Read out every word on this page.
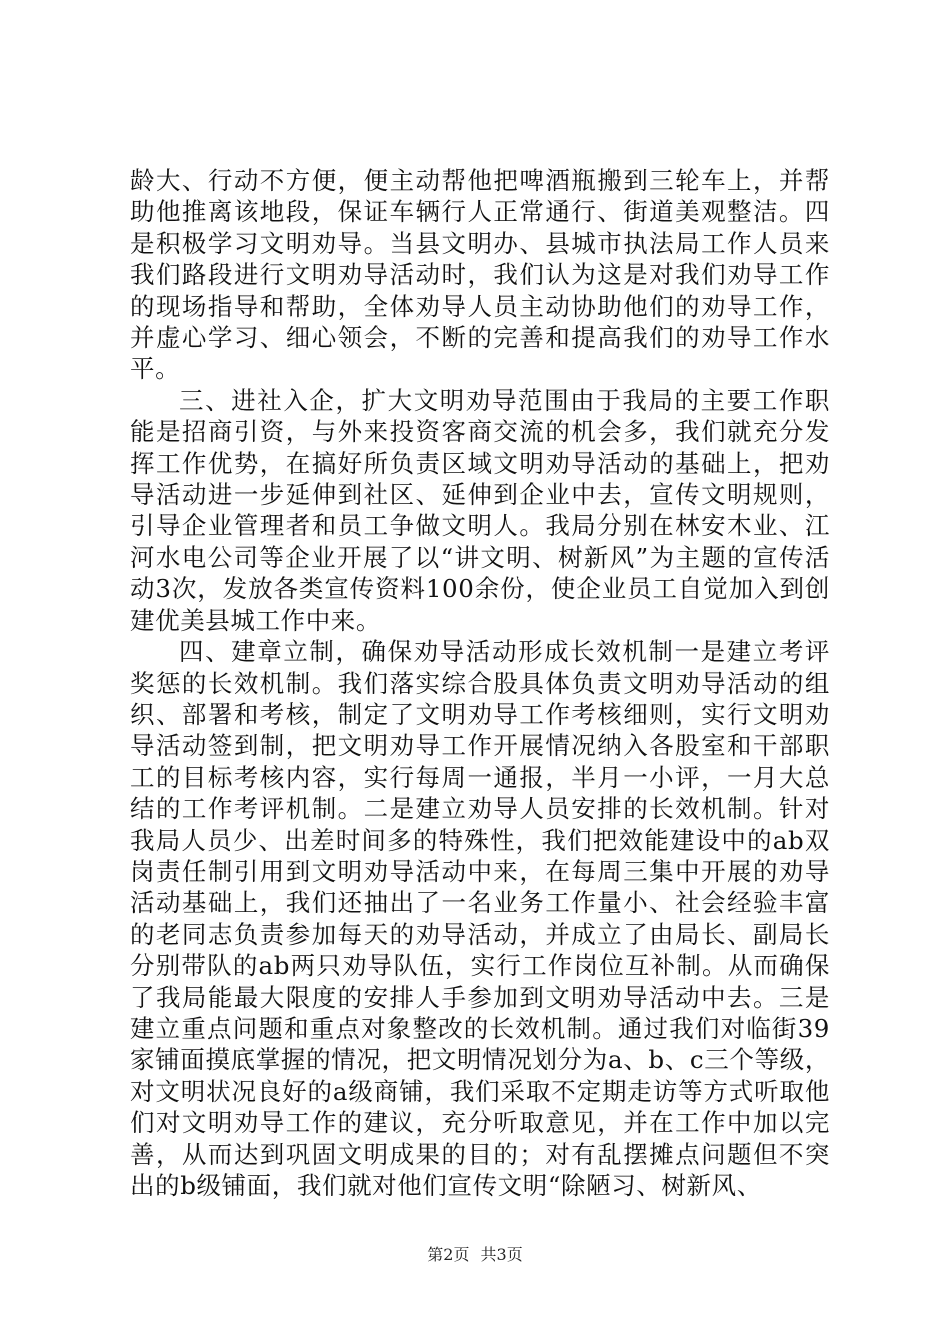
龄大、行动不方便，便主动帮他把啤酒瓶搬到三轮车上，并帮助他推离该地段，保证车辆行人正常通行、街道美观整洁。四是积极学习文明劝导。当县文明办、县城市执法局工作人员来我们路段进行文明劝导活动时，我们认为这是对我们劝导工作的现场指导和帮助，全体劝导人员主动协助他们的劝导工作，并虚心学习、细心领会，不断的完善和提高我们的劝导工作水平。

三、进社入企，扩大文明劝导范围由于我局的主要工作职能是招商引资，与外来投资客商交流的机会多，我们就充分发挥工作优势，在搞好所负责区域文明劝导活动的基础上，把劝导活动进一步延伸到社区、延伸到企业中去，宣传文明规则，引导企业管理者和员工争做文明人。我局分别在林安木业、江河水电公司等企业开展了以“讲文明、树新风”为主题的宣传活动3次，发放各类宣传资料100余份，使企业员工自觉加入到创建优美县城工作中来。

四、建章立制，确保劝导活动形成长效机制一是建立考评奖惩的长效机制。我们落实综合股具体负责文明劝导活动的组织、部署和考核，制定了文明劝导工作考核细则，实行文明劝导活动签到制，把文明劝导工作开展情况纳入各股室和干部职工的目标考核内容，实行每周一通报，半月一小评，一月大总结的工作考评机制。二是建立劝导人员安排的长效机制。针对我局人员少、出差时间多的特殊性，我们把效能建设中的ab双岗责任制引用到文明劝导活动中来，在每周三集中开展的劝导活动基础上，我们还抽出了一名业务工作量小、社会经验丰富的老同志负责参加每天的劝导活动，并成立了由局长、副局长分别带队的ab两只劝导队伍，实行工作岗位互补制。从而确保了我局能最大限度的安排人手参加到文明劝导活动中去。三是建立重点问题和重点对象整改的长效机制。通过我们对临街39家铺面摸底掌握的情况，把文明情况划分为a、b、c三个等级，对文明状况良好的a级商铺，我们采取不定期走访等方式听取他们对文明劝导工作的建议，充分听取意见，并在工作中加以完善，从而达到巩固文明成果的目的；对有乱摆摊点问题但不突出的b级铺面，我们就对他们宣传文明“除陋习、树新风、

第2页 共3页
